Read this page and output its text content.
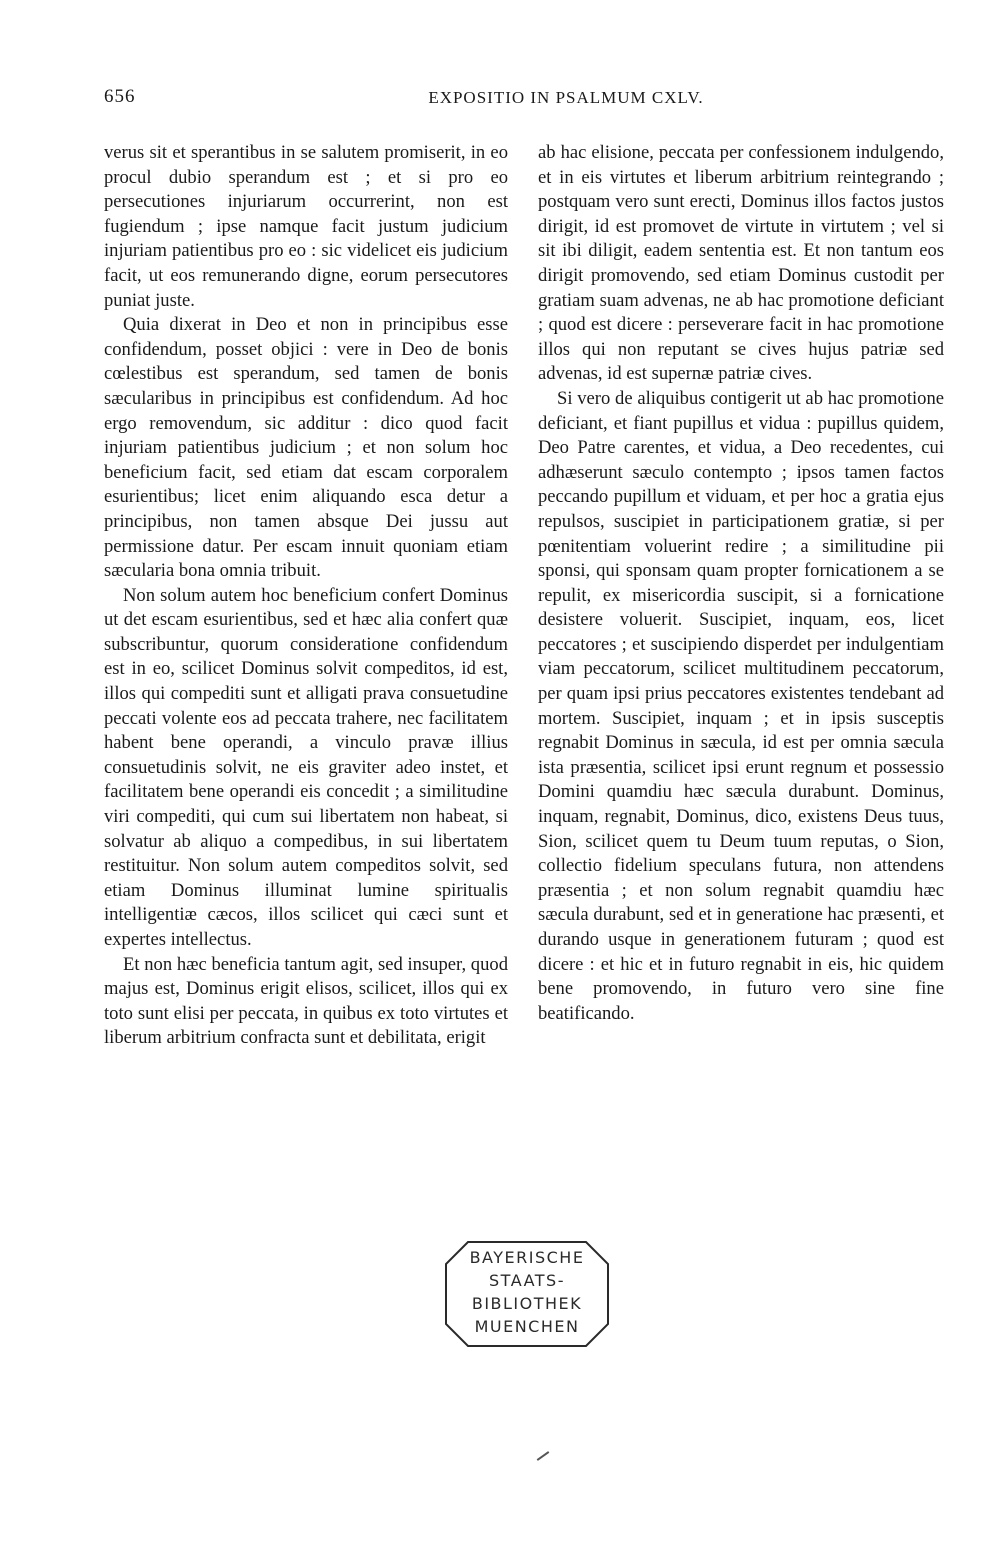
656	EXPOSITIO IN PSALMUM CXLV.

verus sit et sperantibus in se salutem promiserit, in eo procul dubio sperandum est ; et si pro eo persecutiones injuriarum occurrerint, non est fugiendum ; ipse namque facit justum judicium injuriam patientibus pro eo : sic videlicet eis judicium facit, ut eos remunerando digne, eorum persecutores puniat juste.

Quia dixerat in Deo et non in principibus esse confidendum, posset objici : vere in Deo de bonis cœlestibus est sperandum, sed tamen de bonis sæcularibus in principibus est confidendum. Ad hoc ergo removendum, sic additur : dico quod facit injuriam patientibus judicium ; et non solum hoc beneficium facit, sed etiam dat escam corporalem esurientibus; licet enim aliquando esca detur a principibus, non tamen absque Dei jussu aut permissione datur. Per escam innuit quoniam etiam sæcularia bona omnia tribuit.

Non solum autem hoc beneficium confert Dominus ut det escam esurientibus, sed et hæc alia confert quæ subscribuntur, quorum consideratione confidendum est in eo, scilicet Dominus solvit compeditos, id est, illos qui compediti sunt et alligati prava consuetudine peccati volente eos ad peccata trahere, nec facilitatem habent bene operandi, a vinculo pravæ illius consuetudinis solvit, ne eis graviter adeo instet, et facilitatem bene operandi eis concedit ; a similitudine viri compediti, qui cum sui libertatem non habeat, si solvatur ab aliquo a compedibus, in sui libertatem restituitur. Non solum autem compeditos solvit, sed etiam Dominus illuminat lumine spiritualis intelligentiæ cæcos, illos scilicet qui cæci sunt et expertes intellectus.

Et non hæc beneficia tantum agit, sed insuper, quod majus est, Dominus erigit elisos, scilicet, illos qui ex toto sunt elisi per peccata, in quibus ex toto virtutes et liberum arbitrium confracta sunt et debilitata, erigit

ab hac elisione, peccata per confessionem indulgendo, et in eis virtutes et liberum arbitrium reintegrando ; postquam vero sunt erecti, Dominus illos factos justos dirigit, id est promovet de virtute in virtutem ; vel si sit ibi diligit, eadem sententia est. Et non tantum eos dirigit promovendo, sed etiam Dominus custodit per gratiam suam advenas, ne ab hac promotione deficiant ; quod est dicere : perseverare facit in hac promotione illos qui non reputant se cives hujus patriæ sed advenas, id est supernæ patriæ cives.

Si vero de aliquibus contigerit ut ab hac promotione deficiant, et fiant pupillus et vidua : pupillus quidem, Deo Patre carentes, et vidua, a Deo recedentes, cui adhæserunt sæculo contempto ; ipsos tamen factos peccando pupillum et viduam, et per hoc a gratia ejus repulsos, suscipiet in participationem gratiæ, si per pœnitentiam voluerint redire ; a similitudine pii sponsi, qui sponsam quam propter fornicationem a se repulit, ex misericordia suscipit, si a fornicatione desistere voluerit. Suscipiet, inquam, eos, licet peccatores ; et suscipiendo disperdet per indulgentiam viam peccatorum, scilicet multitudinem peccatorum, per quam ipsi prius peccatores existentes tendebant ad mortem. Suscipiet, inquam ; et in ipsis susceptis regnabit Dominus in sæcula, id est per omnia sæcula ista præsentia, scilicet ipsi erunt regnum et possessio Domini quamdiu hæc sæcula durabunt. Dominus, inquam, regnabit, Dominus, dico, existens Deus tuus, Sion, scilicet quem tu Deum tuum reputas, o Sion, collectio fidelium speculans futura, non attendens præsentia ; et non solum regnabit quamdiu hæc sæcula durabunt, sed et in generatione hac præsenti, et durando usque in generationem futuram ; quod est dicere : et hic et in futuro regnabit in eis, hic quidem bene promovendo, in futuro vero sine fine beatificando.

BAYERISCHE
STAATS-
BIBLIOTHEK
MUENCHEN
